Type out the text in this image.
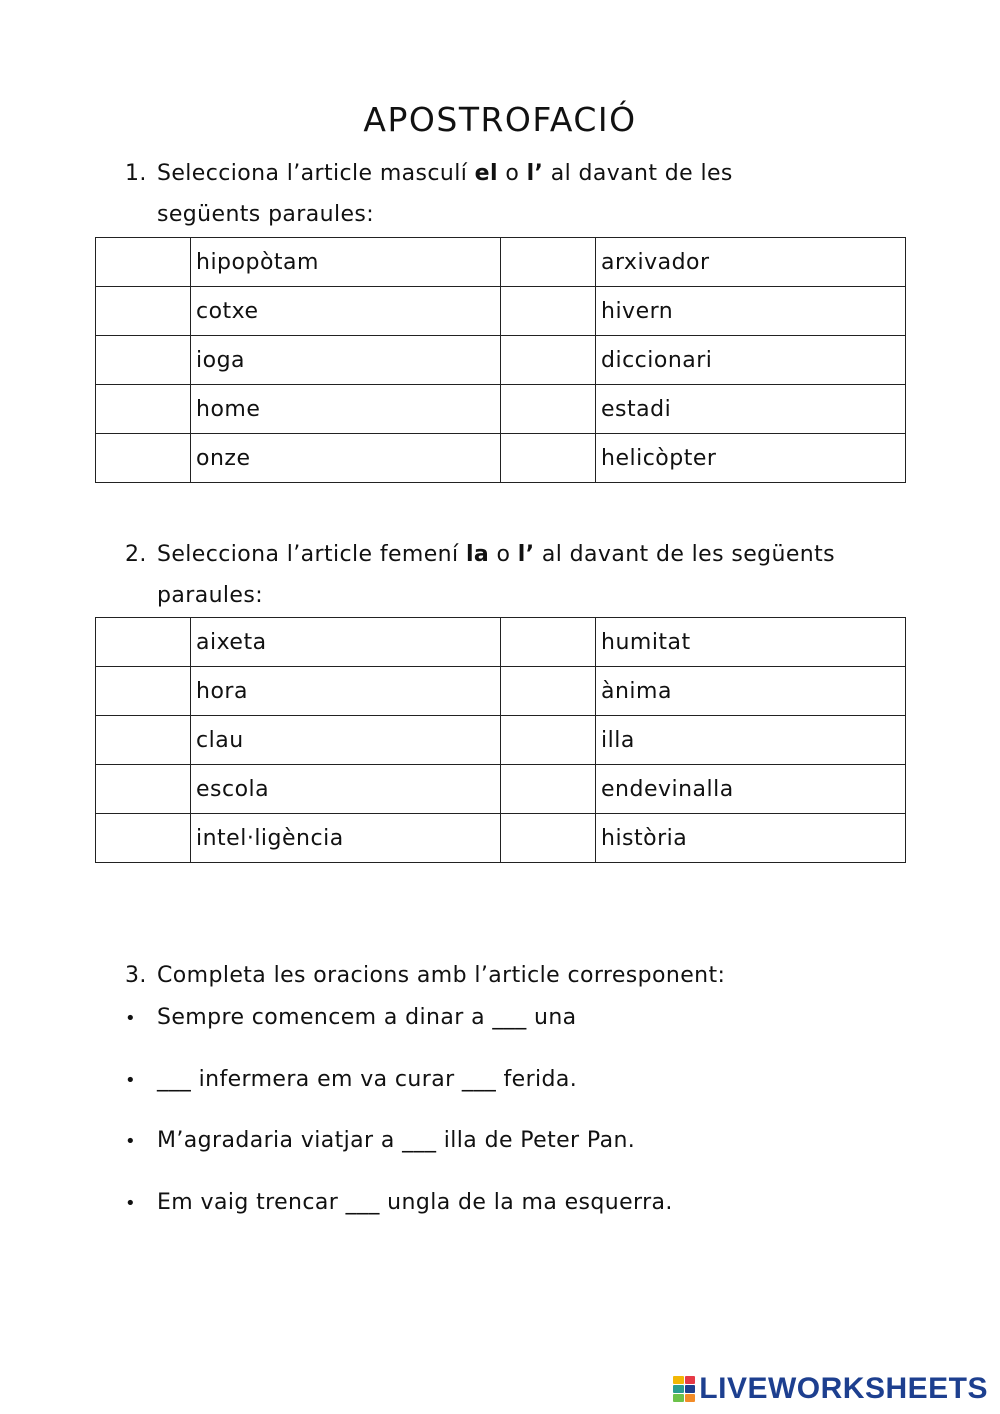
APOSTROFACIÓ
1. Selecciona l’article masculí el o l’ al davant de les
següents paraules:
	hipopòtam		arxivador
	cotxe		hivern
	ioga		diccionari
	home		estadi
	onze		helicòpter
2. Selecciona l’article femení la o l’ al davant de les següents
paraules:
	aixeta		humitat
	hora		ànima
	clau		illa
	escola		endevinalla
	intel·ligència		història
3. Completa les oracions amb l’article corresponent:
• Sempre comencem a dinar a ___ una
• ___ infermera em va curar ___ ferida.
• M’agradaria viatjar a ___ illa de Peter Pan.
• Em vaig trencar ___ ungla de la ma esquerra.
LIVEWORKSHEETS
